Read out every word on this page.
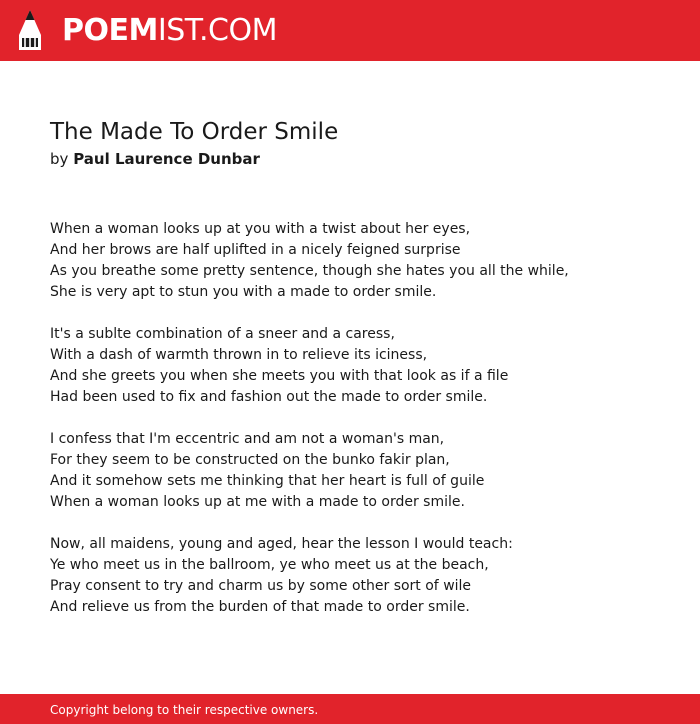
POEMIST.COM
The Made To Order Smile
by Paul Laurence Dunbar
When a woman looks up at you with a twist about her eyes,
And her brows are half uplifted in a nicely feigned surprise
As you breathe some pretty sentence, though she hates you all the while,
She is very apt to stun you with a made to order smile.
It's a sublte combination of a sneer and a caress,
With a dash of warmth thrown in to relieve its iciness,
And she greets you when she meets you with that look as if a file
Had been used to fix and fashion out the made to order smile.
I confess that I'm eccentric and am not a woman's man,
For they seem to be constructed on the bunko fakir plan,
And it somehow sets me thinking that her heart is full of guile
When a woman looks up at me with a made to order smile.
Now, all maidens, young and aged, hear the lesson I would teach:
Ye who meet us in the ballroom, ye who meet us at the beach,
Pray consent to try and charm us by some other sort of wile
And relieve us from the burden of that made to order smile.
Copyright belong to their respective owners.
